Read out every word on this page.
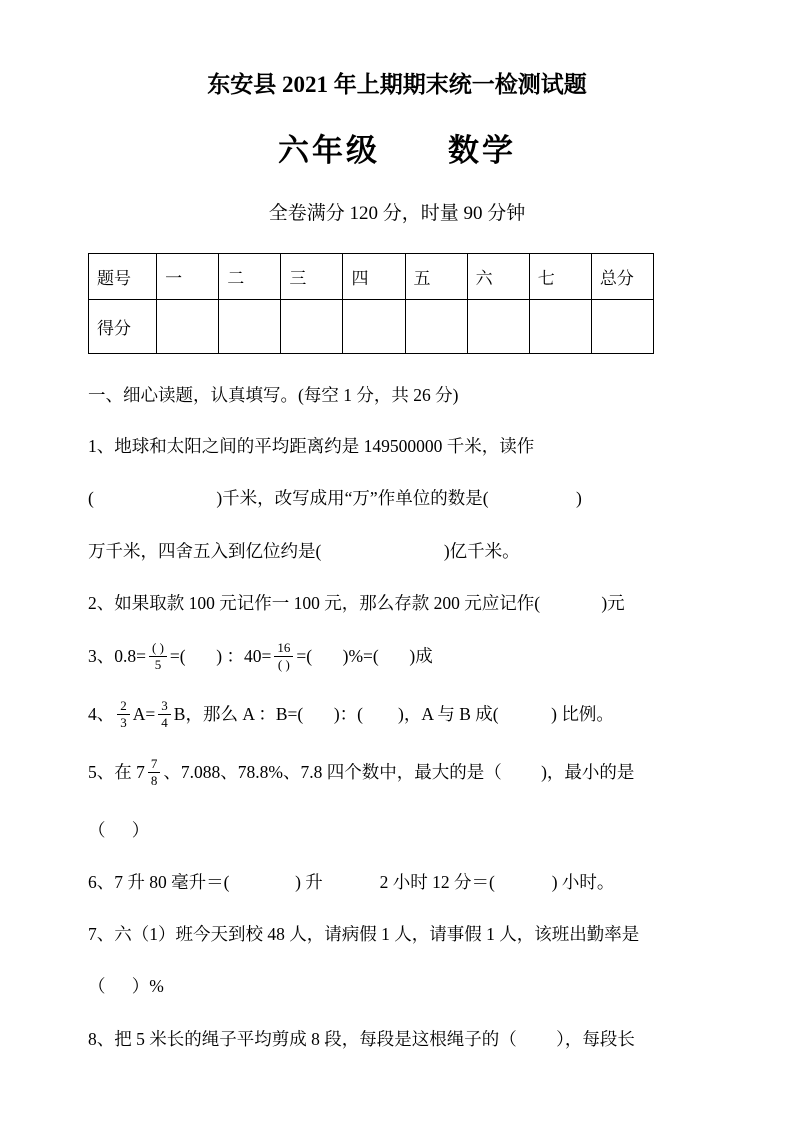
东安县 2021 年上期期末统一检测试题
六年级　　数学

全卷满分 120 分，时量 90 分钟

题号	一	二	三	四	五	六	七	总分
得分								

一、细心读题，认真填写。(每空 1 分，共 26 分)

1、地球和太阳之间的平均距离约是 149500000 千米，读作

(                            )千米，改写成用“万”作单位的数是(                    )

万千米，四舍五入到亿位约是(                            )亿千米。

2、如果取款 100 元记作一 100 元，那么存款 200 元应记作(              )元

3、$0.8= \frac{( )}{5}$ =(       ) ：$40= \frac{16}{( )}$ =(       )%=(       )成

4、 $\frac{2}{3} A= \frac{3}{4}$ B，那么 A ：B=(       )：(        )，A 与 B 成(            ) 比例。

5、在 $7 \frac{7}{8}$ 、7.088、78.8%、7.8 四个数中，最大的是（         )，最小的是

（      ）

6、7 升 80 毫升＝(               ) 升             2 小时 12 分＝(             ) 小时。

7、六（1）班今天到校 48 人，请病假 1 人，请事假 1 人，该班出勤率是

（      ）%

8、把 5 米长的绳子平均剪成 8 段，每段是这根绳子的（         ），每段长
